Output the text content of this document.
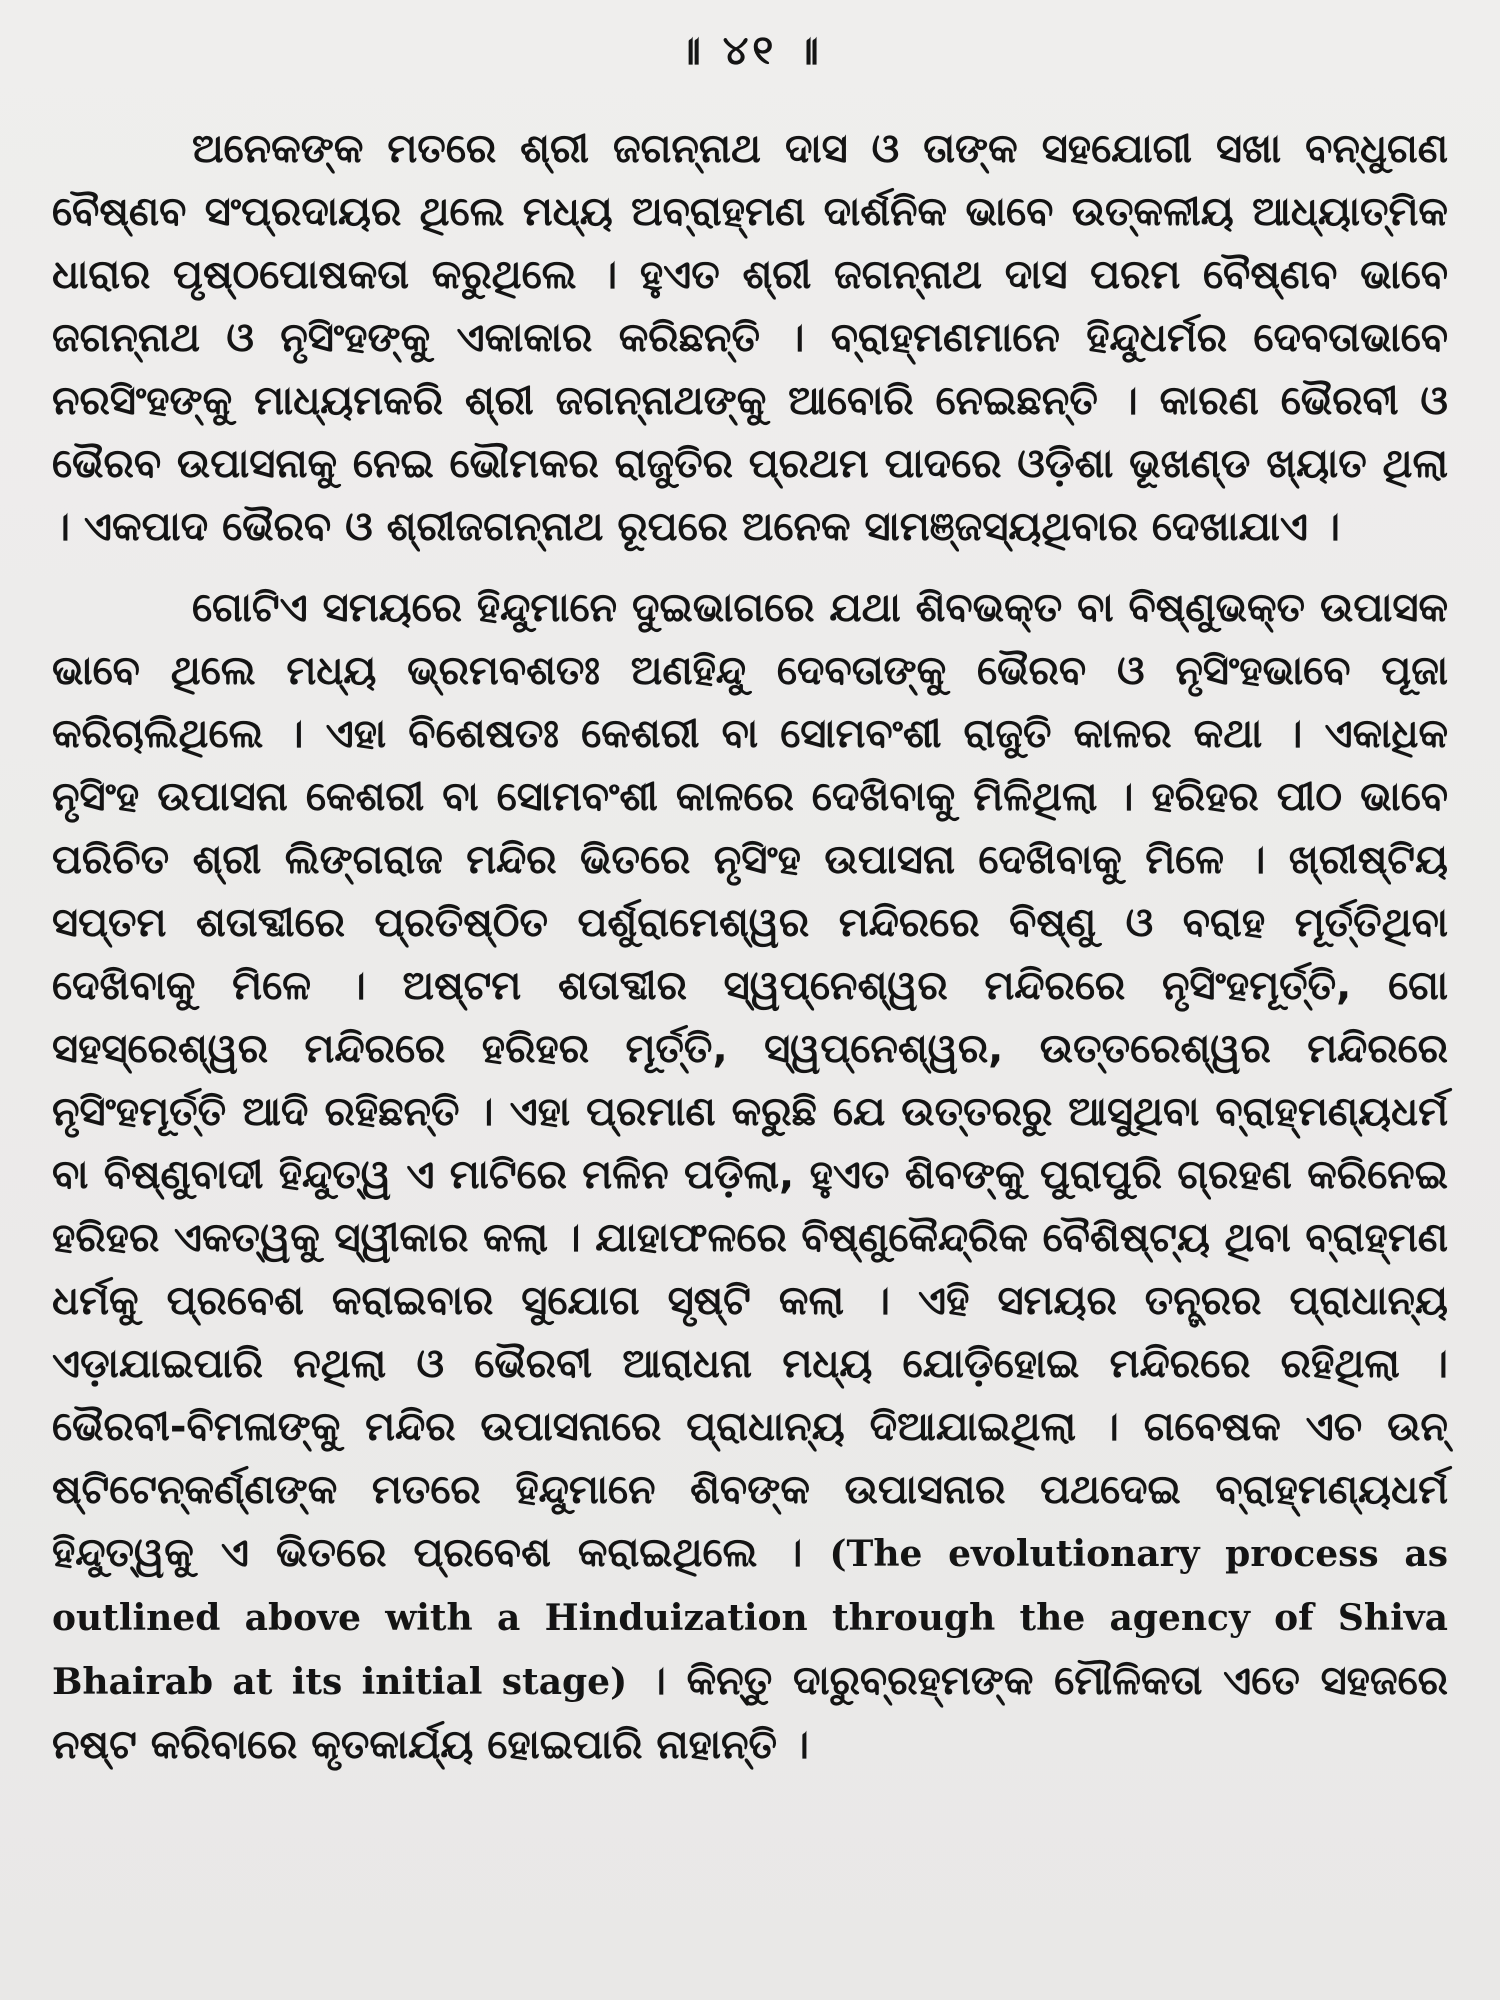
॥ ୪୧ ॥

ଅନେକଙ୍କ ମତରେ ଶ୍ରୀ ଜଗନ୍ନାଥ ଦାସ ଓ ତାଙ୍କ ସହଯୋଗୀ ସଖା ବନ୍ଧୁଗଣ ବୈଷ୍ଣବ ସଂପ୍ରଦାୟର ଥିଲେ ମଧ୍ୟ ଅବ୍ରାହ୍ମଣ ଦାର୍ଶନିକ ଭାବେ ଉତ୍କଳୀୟ ଆଧ୍ୟାତ୍ମିକ ଧାରାର ପୃଷ୍ଠପୋଷକତା କରୁଥିଲେ । ହୁଏତ ଶ୍ରୀ ଜଗନ୍ନାଥ ଦାସ ପରମ ବୈଷ୍ଣବ ଭାବେ ଜଗନ୍ନାଥ ଓ ନୃସିଂହଙ୍କୁ ଏକାକାର କରିଛନ୍ତି । ବ୍ରାହ୍ମଣମାନେ ହିନ୍ଦୁଧର୍ମର ଦେବତାଭାବେ ନରସିଂହଙ୍କୁ ମାଧ୍ୟମକରି ଶ୍ରୀ ଜଗନ୍ନାଥଙ୍କୁ ଆବୋରି ନେଇଛନ୍ତି । କାରଣ ଭୈରବୀ ଓ ଭୈରବ ଉପାସନାକୁ ନେଇ ଭୌମକର ରାଜୁତିର ପ୍ରଥମ ପାଦରେ ଓଡ଼ିଶା ଭୂଖଣ୍ଡ ଖ୍ୟାତ ଥିଲା । ଏକପାଦ ଭୈରବ ଓ ଶ୍ରୀଜଗନ୍ନାଥ ରୂପରେ ଅନେକ ସାମଞ୍ଜସ୍ୟଥିବାର ଦେଖାଯାଏ ।

ଗୋଟିଏ ସମୟରେ ହିନ୍ଦୁମାନେ ଦୁଇଭାଗରେ ଯଥା ଶିବଭକ୍ତ ବା ବିଷ୍ଣୁଭକ୍ତ ଉପାସକ ଭାବେ ଥିଲେ ମଧ୍ୟ ଭ୍ରମବଶତଃ ଅଣହିନ୍ଦୁ ଦେବତାଙ୍କୁ ଭୈରବ ଓ ନୃସିଂହଭାବେ ପୂଜା କରିଚାଲିଥିଲେ । ଏହା ବିଶେଷତଃ କେଶରୀ ବା ସୋମବଂଶୀ ରାଜୁତି କାଳର କଥା । ଏକାଧିକ ନୃସିଂହ ଉପାସନା କେଶରୀ ବା ସୋମବଂଶୀ କାଳରେ ଦେଖିବାକୁ ମିଳିଥିଲା । ହରିହର ପୀଠ ଭାବେ ପରିଚିତ ଶ୍ରୀ ଲିଙ୍ଗରାଜ ମନ୍ଦିର ଭିତରେ ନୃସିଂହ ଉପାସନା ଦେଖିବାକୁ ମିଳେ । ଖ୍ରୀଷ୍ଟିୟ ସପ୍ତମ ଶତାବ୍ଦୀରେ ପ୍ରତିଷ୍ଠିତ ପର୍ଶୁରାମେଶ୍ୱର ମନ୍ଦିରରେ ବିଷ୍ଣୁ ଓ ବରାହ ମୂର୍ତ୍ତିଥିବା ଦେଖିବାକୁ ମିଳେ । ଅଷ୍ଟମ ଶତାବ୍ଦୀର ସ୍ୱପ୍ନେଶ୍ୱର ମନ୍ଦିରରେ ନୃସିଂହମୂର୍ତ୍ତି, ଗୋ ସହସ୍ରେଶ୍ୱର ମନ୍ଦିରରେ ହରିହର ମୂର୍ତ୍ତି, ସ୍ୱପ୍ନେଶ୍ୱର, ଉତ୍ତରେଶ୍ୱର ମନ୍ଦିରରେ ନୃସିଂହମୂର୍ତ୍ତି ଆଦି ରହିଛନ୍ତି । ଏହା ପ୍ରମାଣ କରୁଛି ଯେ ଉତ୍ତରରୁ ଆସୁଥିବା ବ୍ରାହ୍ମଣ୍ୟଧର୍ମ ବା ବିଷ୍ଣୁବାଦୀ ହିନ୍ଦୁତ୍ୱ ଏ ମାଟିରେ ମଳିନ ପଡ଼ିଲା, ହୁଏତ ଶିବଙ୍କୁ ପୁରାପୁରି ଗ୍ରହଣ କରିନେଇ ହରିହର ଏକତ୍ୱକୁ ସ୍ୱୀକାର କଲା । ଯାହାଫଳରେ ବିଷ୍ଣୁକୈନ୍ଦ୍ରିକ ବୈଶିଷ୍ଟ୍ୟ ଥିବା ବ୍ରାହ୍ମଣ ଧର୍ମକୁ ପ୍ରବେଶ କରାଇବାର ସୁଯୋଗ ସୃଷ୍ଟି କଲା । ଏହି ସମୟର ତନ୍ତ୍ରର ପ୍ରାଧାନ୍ୟ ଏଡ଼ାଯାଇପାରି ନଥିଲା ଓ ଭୈରବୀ ଆରାଧନା ମଧ୍ୟ ଯୋଡ଼ିହୋଇ ମନ୍ଦିରରେ ରହିଥିଲା । ଭୈରବୀ-ବିମଳାଙ୍କୁ ମନ୍ଦିର ଉପାସନାରେ ପ୍ରାଧାନ୍ୟ ଦିଆଯାଇଥିଲା । ଗବେଷକ ଏଚ ଉନ୍ ଷ୍ଟିଟେନ୍‌କର୍ଣ୍ଣଙ୍କ ମତରେ ହିନ୍ଦୁମାନେ ଶିବଙ୍କ ଉପାସନାର ପଥଦେଇ ବ୍ରାହ୍ମଣ୍ୟଧର୍ମ ହିନ୍ଦୁତ୍ୱକୁ ଏ ଭିତରେ ପ୍ରବେଶ କରାଇଥିଲେ । (The evolutionary process as outlined above with a Hinduization through the agency of Shiva Bhairab at its initial stage) । କିନ୍ତୁ ଦାରୁବ୍ରହ୍ମଙ୍କ ମୌଳିକତା ଏତେ ସହଜରେ ନଷ୍ଟ କରିବାରେ କୃତକାର୍ଯ୍ୟ ହୋଇପାରି ନାହାନ୍ତି ।
